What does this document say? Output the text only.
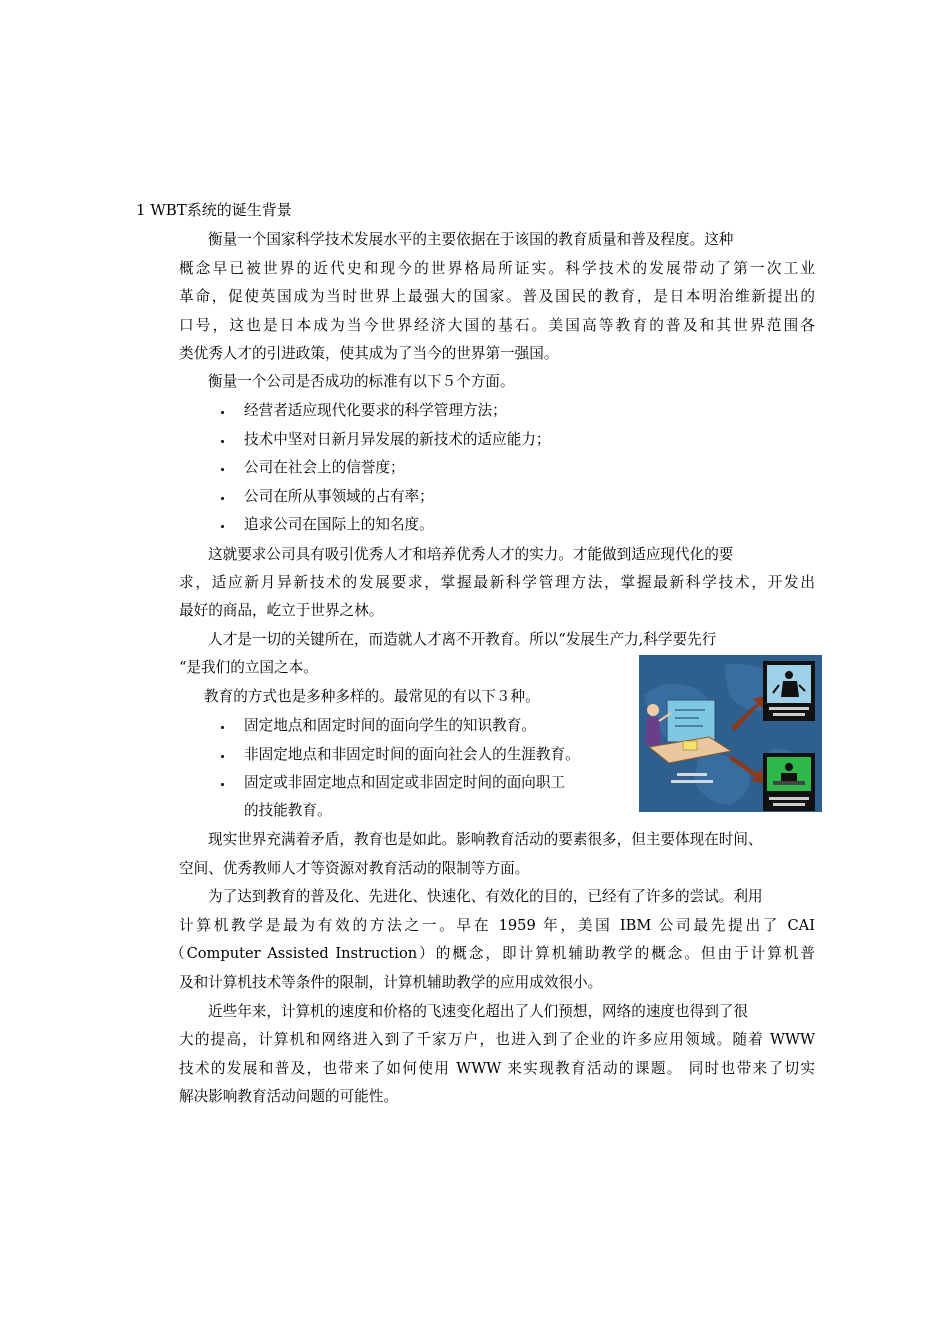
1 WBT系统的诞生背景
衡量一个国家科学技术发展水平的主要依据在于该国的教育质量和普及程度。这种
概念早已被世界的近代史和现今的世界格局所证实。科学技术的发展带动了第一次工业
革命，促使英国成为当时世界上最强大的国家。普及国民的教育，是日本明治维新提出的
口号，这也是日本成为当今世界经济大国的基石。美国高等教育的普及和其世界范围各
类优秀人才的引进政策，使其成为了当今的世界第一强国。
衡量一个公司是否成功的标准有以下５个方面。
经营者适应现代化要求的科学管理方法；
技术中坚对日新月异发展的新技术的适应能力；
公司在社会上的信誉度；
公司在所从事领域的占有率；
追求公司在国际上的知名度。
这就要求公司具有吸引优秀人才和培养优秀人才的实力。才能做到适应现代化的要
求，适应新月异新技术的发展要求，掌握最新科学管理方法，掌握最新科学技术，开发出
最好的商品，屹立于世界之林。
人才是一切的关键所在，而造就人才离不开教育。所以“发展生产力,科学要先行
“是我们的立国之本。
教育的方式也是多种多样的。最常见的有以下３种。
固定地点和固定时间的面向学生的知识教育。
非固定地点和非固定时间的面向社会人的生涯教育。
固定或非固定地点和固定或非固定时间的面向职工
的技能教育。
现实世界充满着矛盾，教育也是如此。影响教育活动的要素很多，但主要体现在时间、
空间、优秀教师人才等资源对教育活动的限制等方面。
为了达到教育的普及化、先进化、快速化、有效化的目的，已经有了许多的尝试。利用
计算机教学是最为有效的方法之一。早在 1959 年，美国 IBM 公司最先提出了 CAI
（Computer Assisted Instruction）的概念，即计算机辅助教学的概念。但由于计算机普
及和计算机技术等条件的限制，计算机辅助教学的应用成效很小。
近些年来，计算机的速度和价格的飞速变化超出了人们预想，网络的速度也得到了很
大的提高，计算机和网络进入到了千家万户，也进入到了企业的许多应用领域。随着 WWW
技术的发展和普及，也带来了如何使用 WWW 来实现教育活动的课题。 同时也带来了切实
解决影响教育活动问题的可能性。
